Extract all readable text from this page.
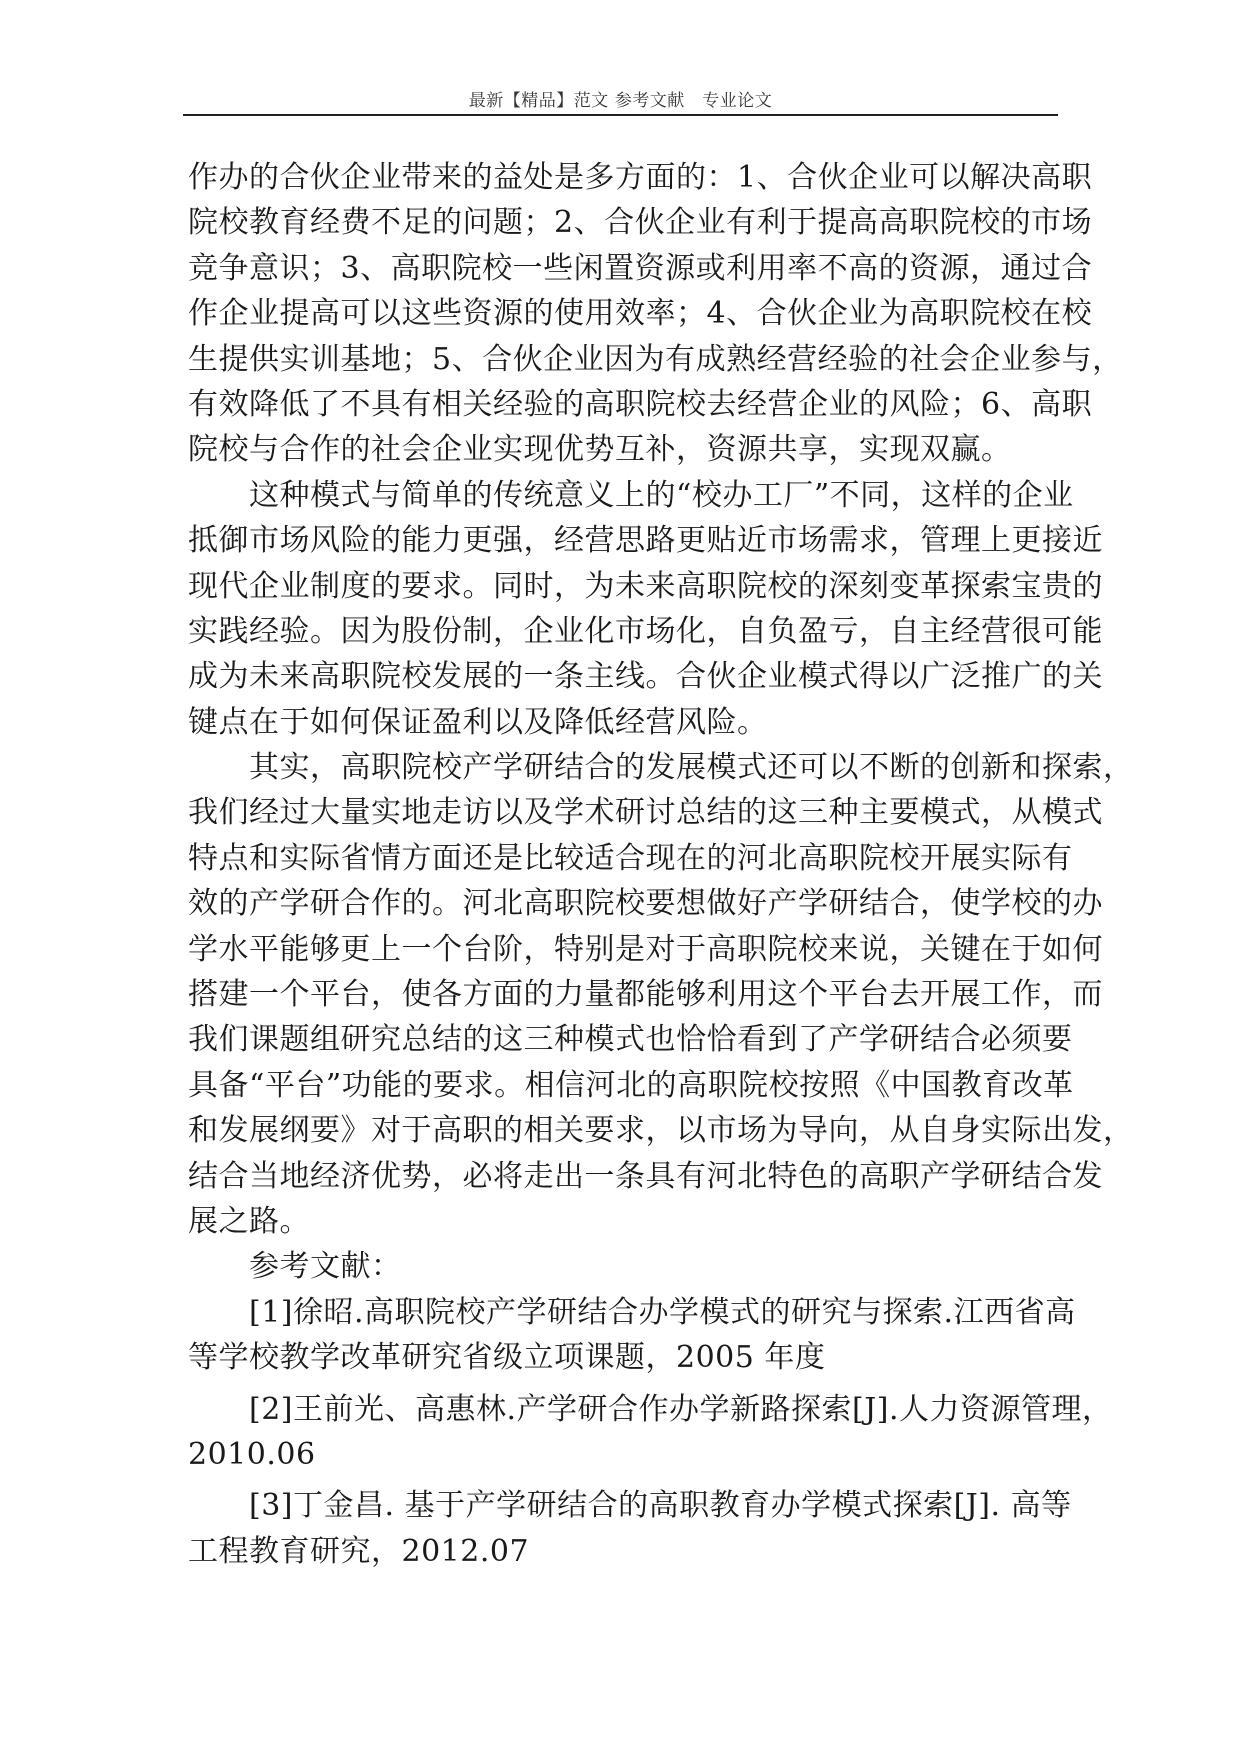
最新【精品】范文 参考文献　专业论文
作办的合伙企业带来的益处是多方面的：1、合伙企业可以解决高职
院校教育经费不足的问题；2、合伙企业有利于提高高职院校的市场
竞争意识；3、高职院校一些闲置资源或利用率不高的资源，通过合
作企业提高可以这些资源的使用效率；4、合伙企业为高职院校在校
生提供实训基地；5、合伙企业因为有成熟经营经验的社会企业参与，
有效降低了不具有相关经验的高职院校去经营企业的风险；6、高职
院校与合作的社会企业实现优势互补，资源共享，实现双赢。
　　这种模式与简单的传统意义上的“校办工厂”不同，这样的企业
抵御市场风险的能力更强，经营思路更贴近市场需求，管理上更接近
现代企业制度的要求。同时，为未来高职院校的深刻变革探索宝贵的
实践经验。因为股份制，企业化市场化，自负盈亏，自主经营很可能
成为未来高职院校发展的一条主线。合伙企业模式得以广泛推广的关
键点在于如何保证盈利以及降低经营风险。
　　其实，高职院校产学研结合的发展模式还可以不断的创新和探索，
我们经过大量实地走访以及学术研讨总结的这三种主要模式，从模式
特点和实际省情方面还是比较适合现在的河北高职院校开展实际有
效的产学研合作的。河北高职院校要想做好产学研结合，使学校的办
学水平能够更上一个台阶，特别是对于高职院校来说，关键在于如何
搭建一个平台，使各方面的力量都能够利用这个平台去开展工作，而
我们课题组研究总结的这三种模式也恰恰看到了产学研结合必须要
具备“平台”功能的要求。相信河北的高职院校按照《中国教育改革
和发展纲要》对于高职的相关要求，以市场为导向，从自身实际出发，
结合当地经济优势，必将走出一条具有河北特色的高职产学研结合发
展之路。
　　参考文献：
　　[1]徐昭.高职院校产学研结合办学模式的研究与探索.江西省高
等学校教学改革研究省级立项课题，2005 年度
　　[2]王前光、高惠林.产学研合作办学新路探索[J].人力资源管理，
2010.06
　　[3]丁金昌. 基于产学研结合的高职教育办学模式探索[J]. 高等
工程教育研究，2012.07
